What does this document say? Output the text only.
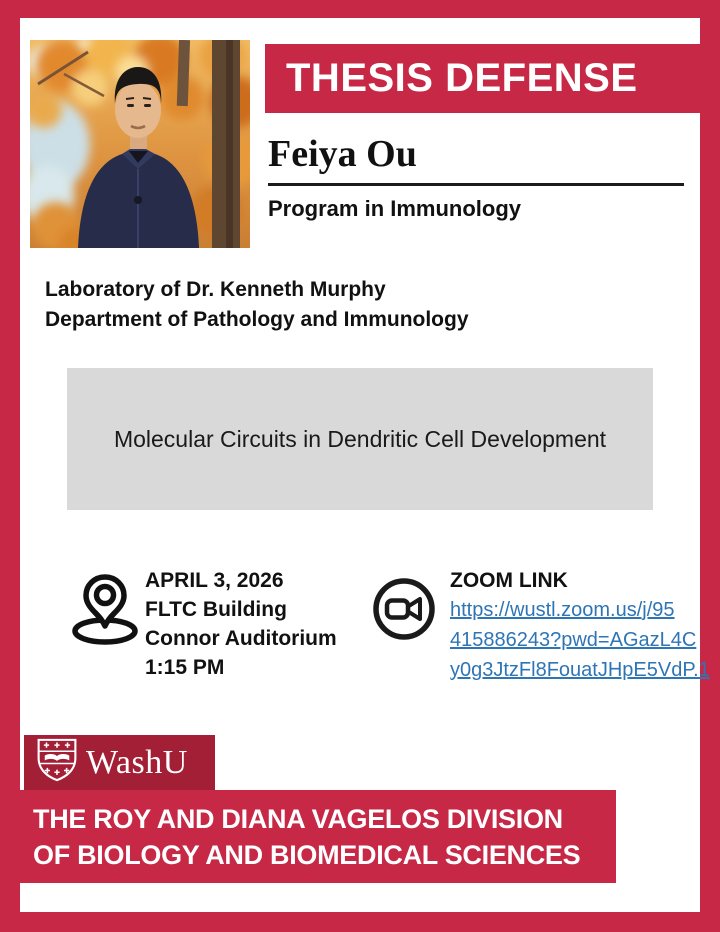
THESIS DEFENSE
Feiya Ou
Program in Immunology
Laboratory of Dr. Kenneth Murphy
Department of Pathology and Immunology
Molecular Circuits in Dendritic Cell Development
APRIL 3, 2026
FLTC Building
Connor Auditorium
1:15 PM
ZOOM LINK
https://wustl.zoom.us/j/95
415886243?pwd=AGazL4C
y0g3JtzFl8FouatJHpE5VdP.1
WashU
THE ROY AND DIANA VAGELOS DIVISION
OF BIOLOGY AND BIOMEDICAL SCIENCES
